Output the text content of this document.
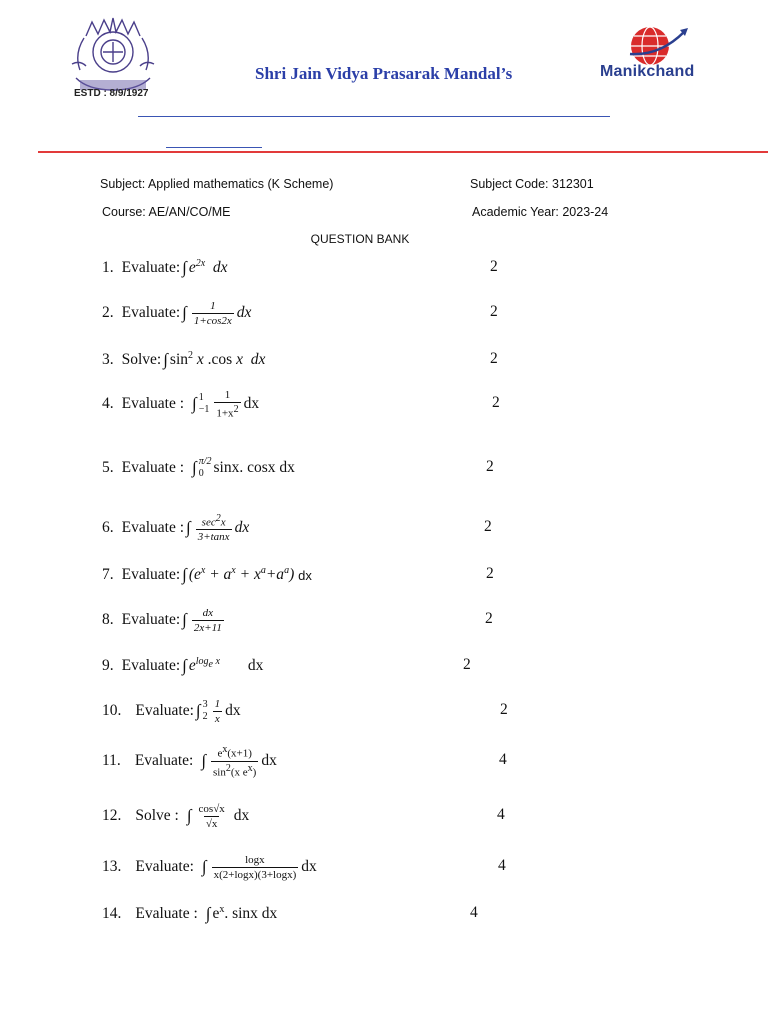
ESTD : 8/9/1927
Shri Jain Vidya Prasarak Mandal’s	Manikchand
Subject: Applied mathematics (K Scheme)	Subject Code: 312301
Course: AE/AN/CO/ME	Academic Year: 2023-24
QUESTION BANK
1. Evaluate: ∫ $e^{2x}$  dx	2
2. Evaluate: ∫ $\frac{1}{1+\cos 2x}$ dx	2
3. Solve: ∫ $\sin^2 x$ .cos x  dx	2
4. Evaluate : ∫ 1
$-1 \frac{1}{1+x^2}$ dx	2
5. Evaluate : ∫ π/2
0 sinx. cosx dx	2
6. Evaluate : ∫ $\frac{\sec^2x}{3+\tan x}$ dx	2
7. Evaluate: ∫ $(e^x + a^x + x^a+a^a)$
dx	2
8. Evaluate: ∫ $\frac{dx}{2x+11}$	2
9. Evaluate: ∫ $e^{log_e x}$ dx	2
10. Evaluate: ∫ 3
$2 \frac{1}{x}$ dx	2
11. Evaluate: ∫ $\frac{e^x(x+1)}{\sin^2(x e^x)}$ dx	4
12. Solve : ∫ $\frac{\cos√x}{√x}$ dx	4
13. Evaluate: ∫ $\frac{\log x}{x(2+\log x)(3+\log x)}$ dx	4
14. Evaluate : ∫ $e^x$. sinx dx	4
